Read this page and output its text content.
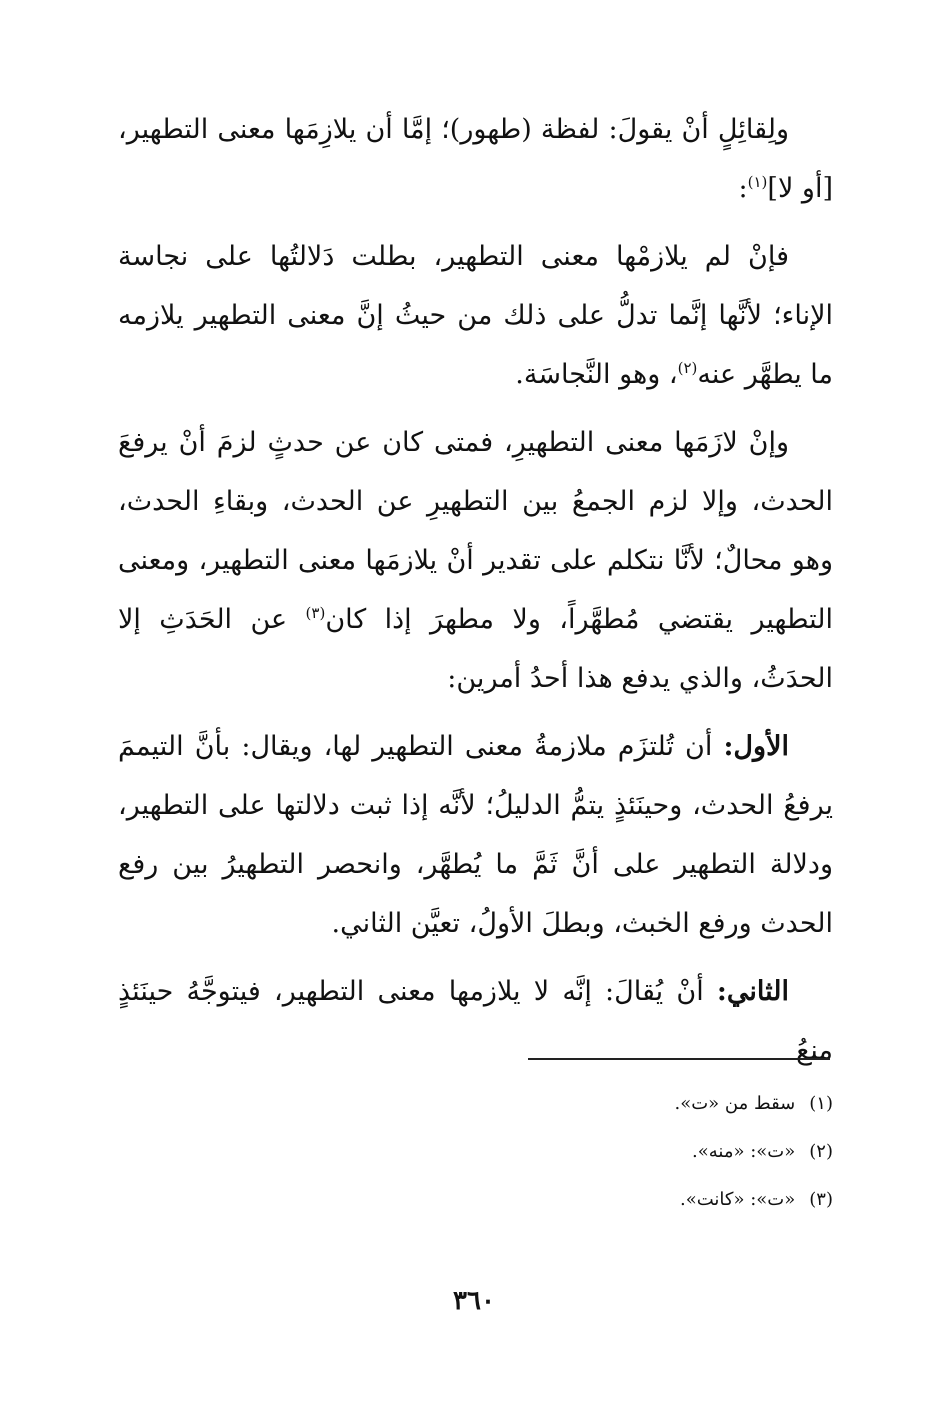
ولِقائِلٍ أنْ يقولَ: لفظة (طهور)؛ إمَّا أن يلازِمَها معنى التطهير، [أو لا]$^{(١)}$:

فإنْ لم يلازمْها معنى التطهير، بطلت دَلالتُها على نجاسة الإناء؛ لأنَّها إنَّما تدلُّ على ذلك من حيثُ إنَّ معنى التطهير يلازمه ما يطهَّر عنه$^{(٢)}$، وهو النَّجاسَة.

وإنْ لازَمَها معنى التطهيرِ، فمتى كان عن حدثٍ لزمَ أنْ يرفعَ الحدث، وإلا لزم الجمعُ بين التطهيرِ عن الحدث، وبقاءِ الحدث، وهو محالٌ؛ لأنَّا نتكلم على تقدير أنْ يلازمَها معنى التطهير، ومعنى التطهير يقتضي مُطهَّراً، ولا مطهرَ إذا كان$^{(٣)}$ عن الحَدَثِ إلا الحدَثُ، والذي يدفع هذا أحدُ أمرين:

الأول: أن تُلتزَم ملازمةُ معنى التطهير لها، ويقال: بأنَّ التيممَ يرفعُ الحدث، وحينَئذٍ يتمُّ الدليلُ؛ لأنَّه إذا ثبت دلالتها على التطهير، ودلالة التطهير على أنَّ ثَمَّ ما يُطهَّر، وانحصر التطهيرُ بين رفع الحدث ورفع الخبث، وبطلَ الأولُ، تعيَّن الثاني.

الثاني: أنْ يُقالَ: إنَّه لا يلازمها معنى التطهير، فيتوجَّهُ حينَئذٍ منعُ

(١)سقط من «ت».
(٢)«ت»: «منه».
(٣)«ت»: «كانت».
٣٦٠
